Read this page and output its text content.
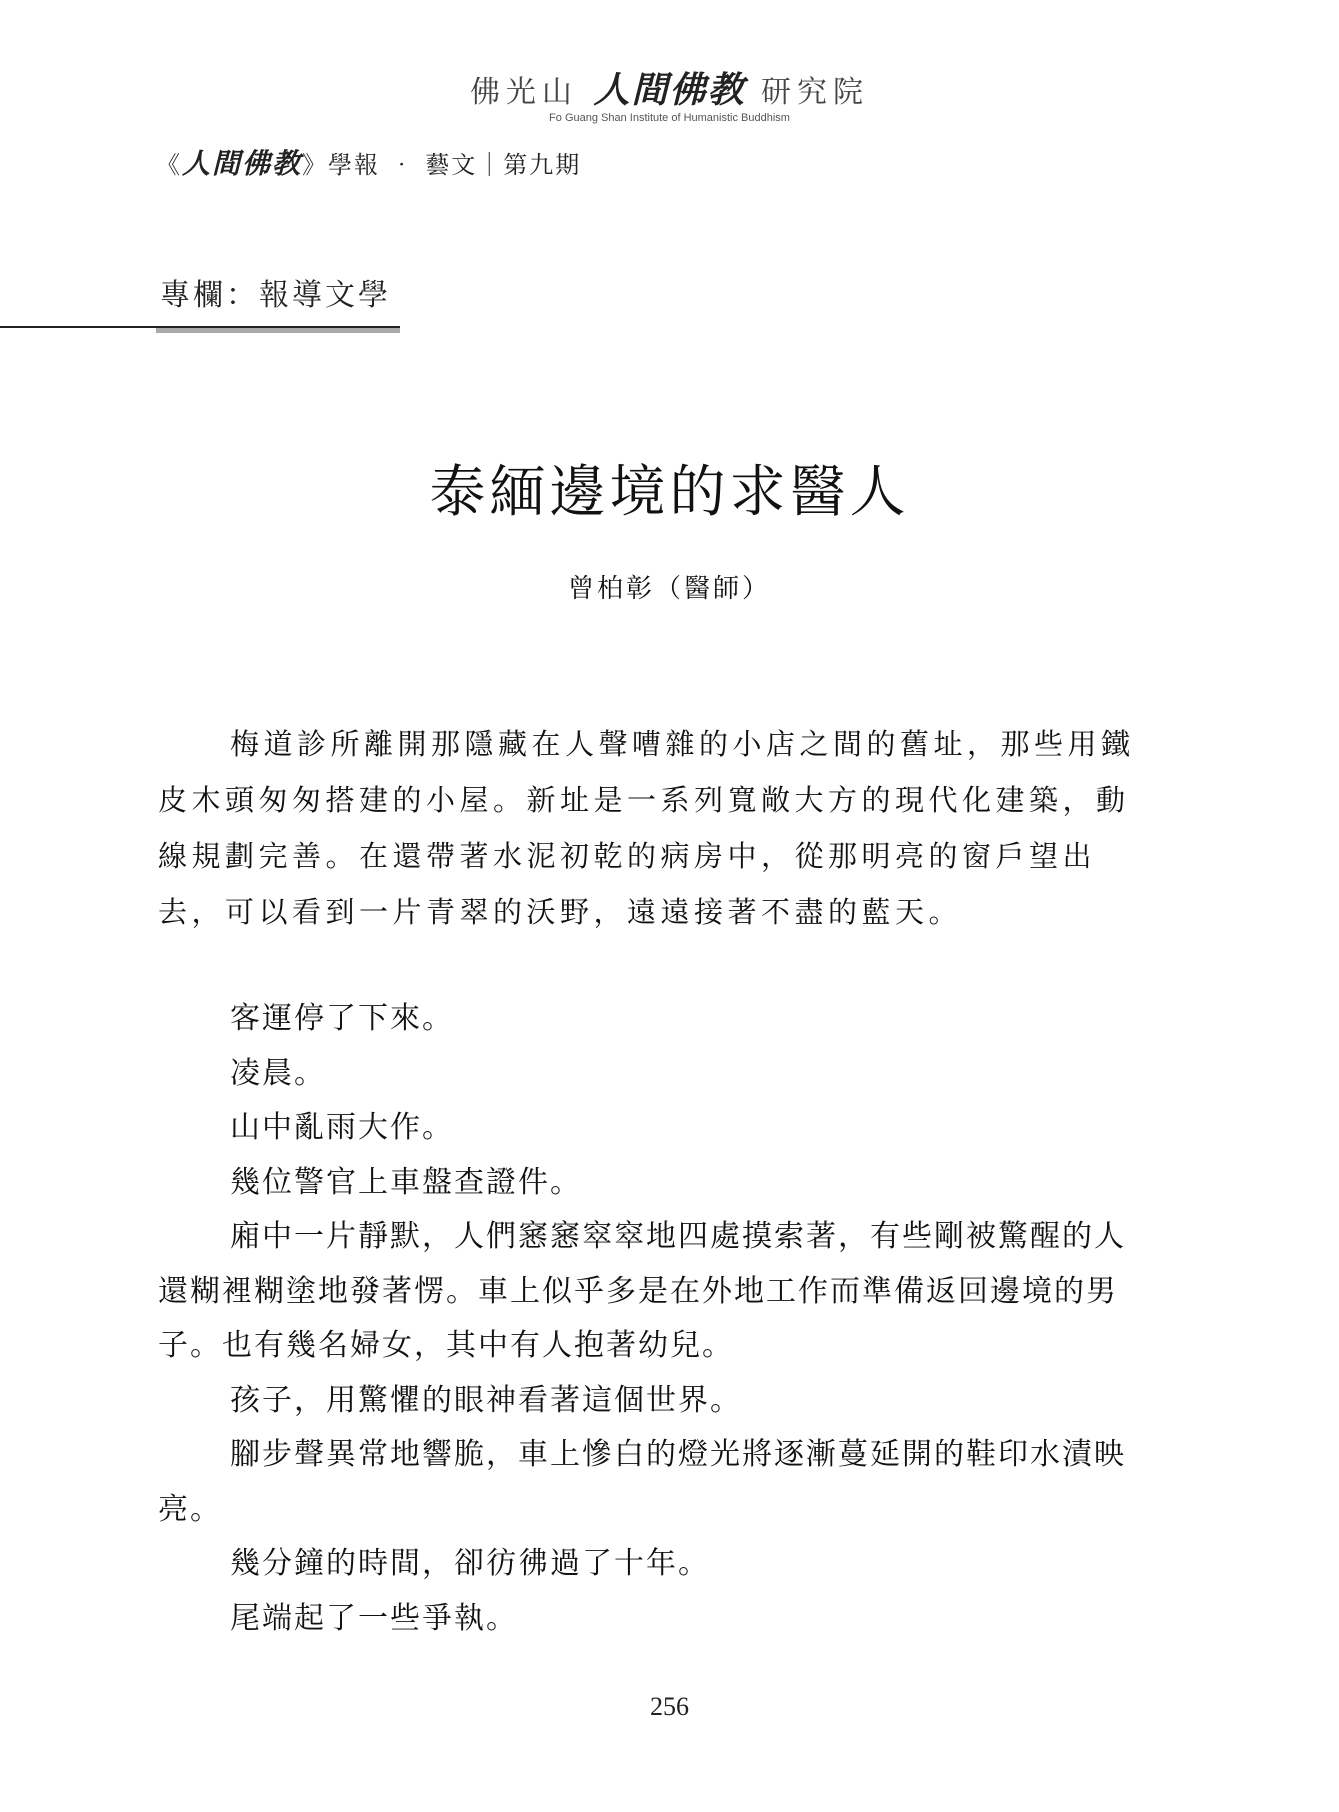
佛光山 人間佛教 研究院
Fo Guang Shan Institute of Humanistic Buddhism
《人間佛教》學報 ‧ 藝文｜第九期
專欄：報導文學
泰緬邊境的求醫人
曾柏彰（醫師）

梅道診所離開那隱藏在人聲嘈雜的小店之間的舊址，那些用鐵皮木頭匆匆搭建的小屋。新址是一系列寬敞大方的現代化建築，動線規劃完善。在還帶著水泥初乾的病房中，從那明亮的窗戶望出去，可以看到一片青翠的沃野，遠遠接著不盡的藍天。

客運停了下來。

凌晨。

山中亂雨大作。

幾位警官上車盤查證件。

廂中一片靜默，人們窸窸窣窣地四處摸索著，有些剛被驚醒的人還糊裡糊塗地發著愣。車上似乎多是在外地工作而準備返回邊境的男子。也有幾名婦女，其中有人抱著幼兒。

孩子，用驚懼的眼神看著這個世界。

腳步聲異常地響脆，車上慘白的燈光將逐漸蔓延開的鞋印水漬映亮。

幾分鐘的時間，卻彷彿過了十年。

尾端起了一些爭執。

256
